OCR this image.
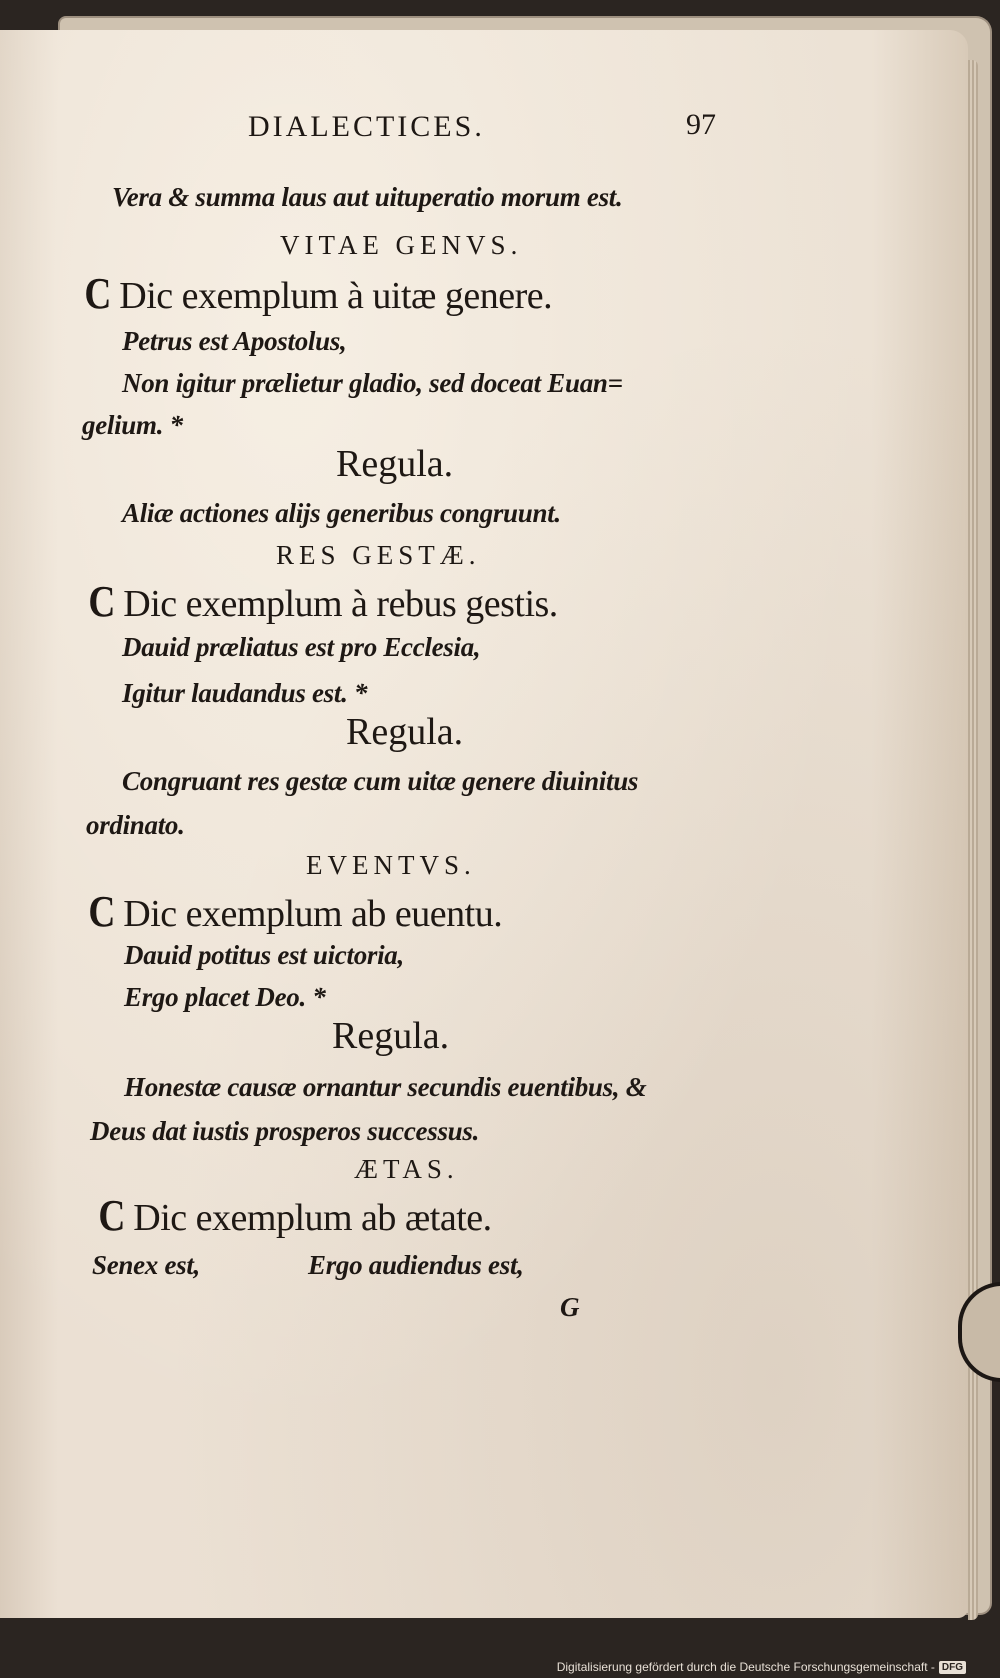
DIALECTICES.	97
Vera & summa laus aut uituperatio morum est.
VITAE GENVS.
C Dic exemplum à uitæ genere.
Petrus est Apostolus,
Non igitur prælietur gladio, sed doceat Euan=
gelium. *
Regula.
Aliæ actiones alijs generibus congruunt.
RES GESTÆ.
C Dic exemplum à rebus gestis.
Dauid præliatus est pro Ecclesia,
Igitur laudandus est. *
Regula.
Congruant res gestæ cum uitæ genere diuinitus
ordinato.
EVENTVS.
C Dic exemplum ab euentu.
Dauid potitus est uictoria,
Ergo placet Deo. *
Regula.
Honestæ causæ ornantur secundis euentibus, &
Deus dat iustis prosperos successus.
ÆTAS.
C Dic exemplum ab ætate.
Senex est,	Ergo audiendus est,
G
Digitalisierung gefördert durch die Deutsche Forschungsgemeinschaft - DFG
